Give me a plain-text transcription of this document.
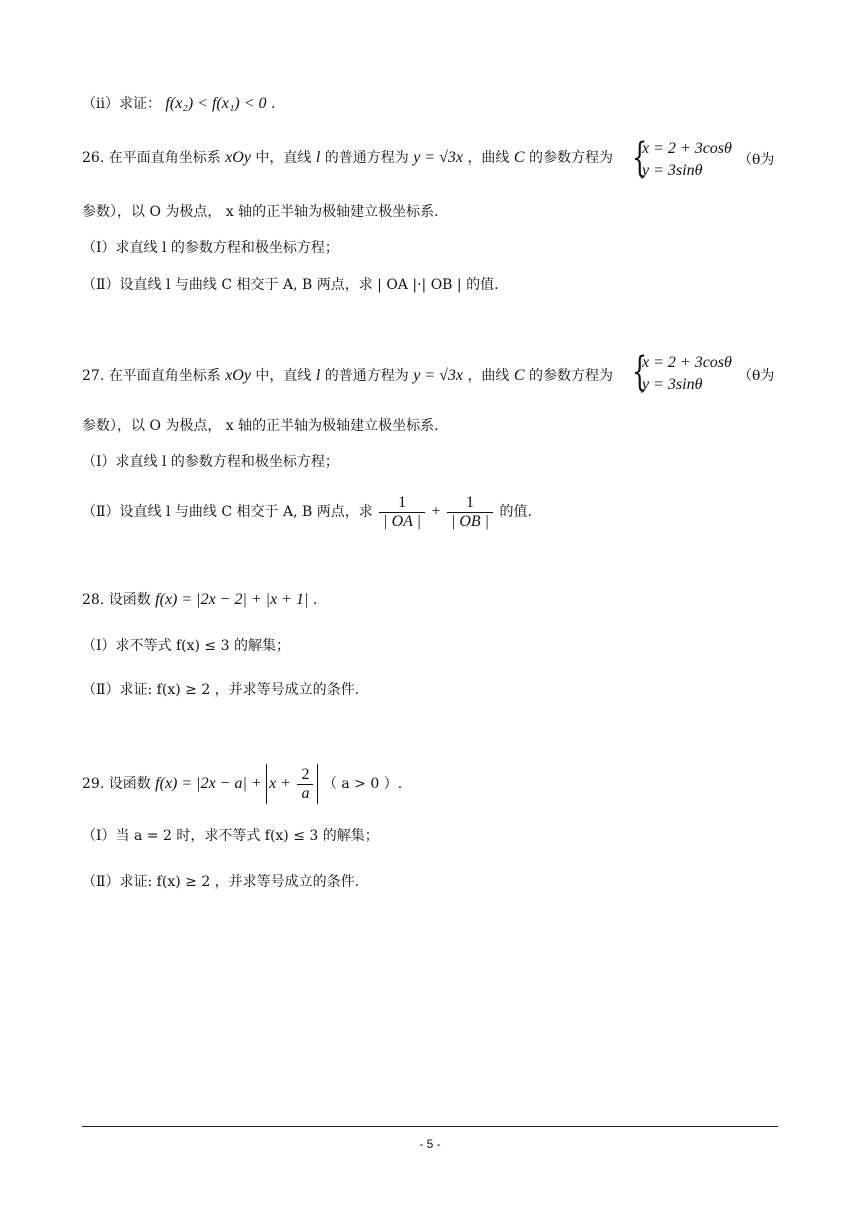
（ii）求证： f(x₂) < f(x₁) < 0 .
26. 在平面直角坐标系 xOy 中，直线 l 的普通方程为 y = √3x ，曲线 C 的参数方程为 {
x = 2 + 3cosθ
y = 3sinθ
（θ为
参数），以 O 为极点， x 轴的正半轴为极轴建立极坐标系.
（Ⅰ）求直线 l 的参数方程和极坐标方程；
（Ⅱ）设直线 l 与曲线 C 相交于 A, B 两点，求 | OA |·| OB | 的值.
27. 在平面直角坐标系 xOy 中，直线 l 的普通方程为 y = √3x ，曲线 C 的参数方程为 {
x = 2 + 3cosθ
y = 3sinθ	（θ为
参数），以 O 为极点， x 轴的正半轴为极轴建立极坐标系.
（Ⅰ）求直线 l 的参数方程和极坐标方程；
（Ⅱ）设直线 l 与曲线 C 相交于 A, B 两点，求 $\frac{1}{| OA |} + \frac{1}{| OB |}$ 的值.
28. 设函数 f(x) = |2x − 2| + |x + 1| .
（Ⅰ）求不等式 f(x) ≤ 3 的解集；
（Ⅱ）求证: f(x) ≥ 2 ，并求等号成立的条件.
29. 设函数 $f(x) = |2x - a| + x + \frac{2}{a}$ （ a > 0 ）.
（Ⅰ）当 a = 2 时，求不等式 f(x) ≤ 3 的解集；
（Ⅱ）求证: f(x) ≥ 2 ，并求等号成立的条件.
- 5 -
